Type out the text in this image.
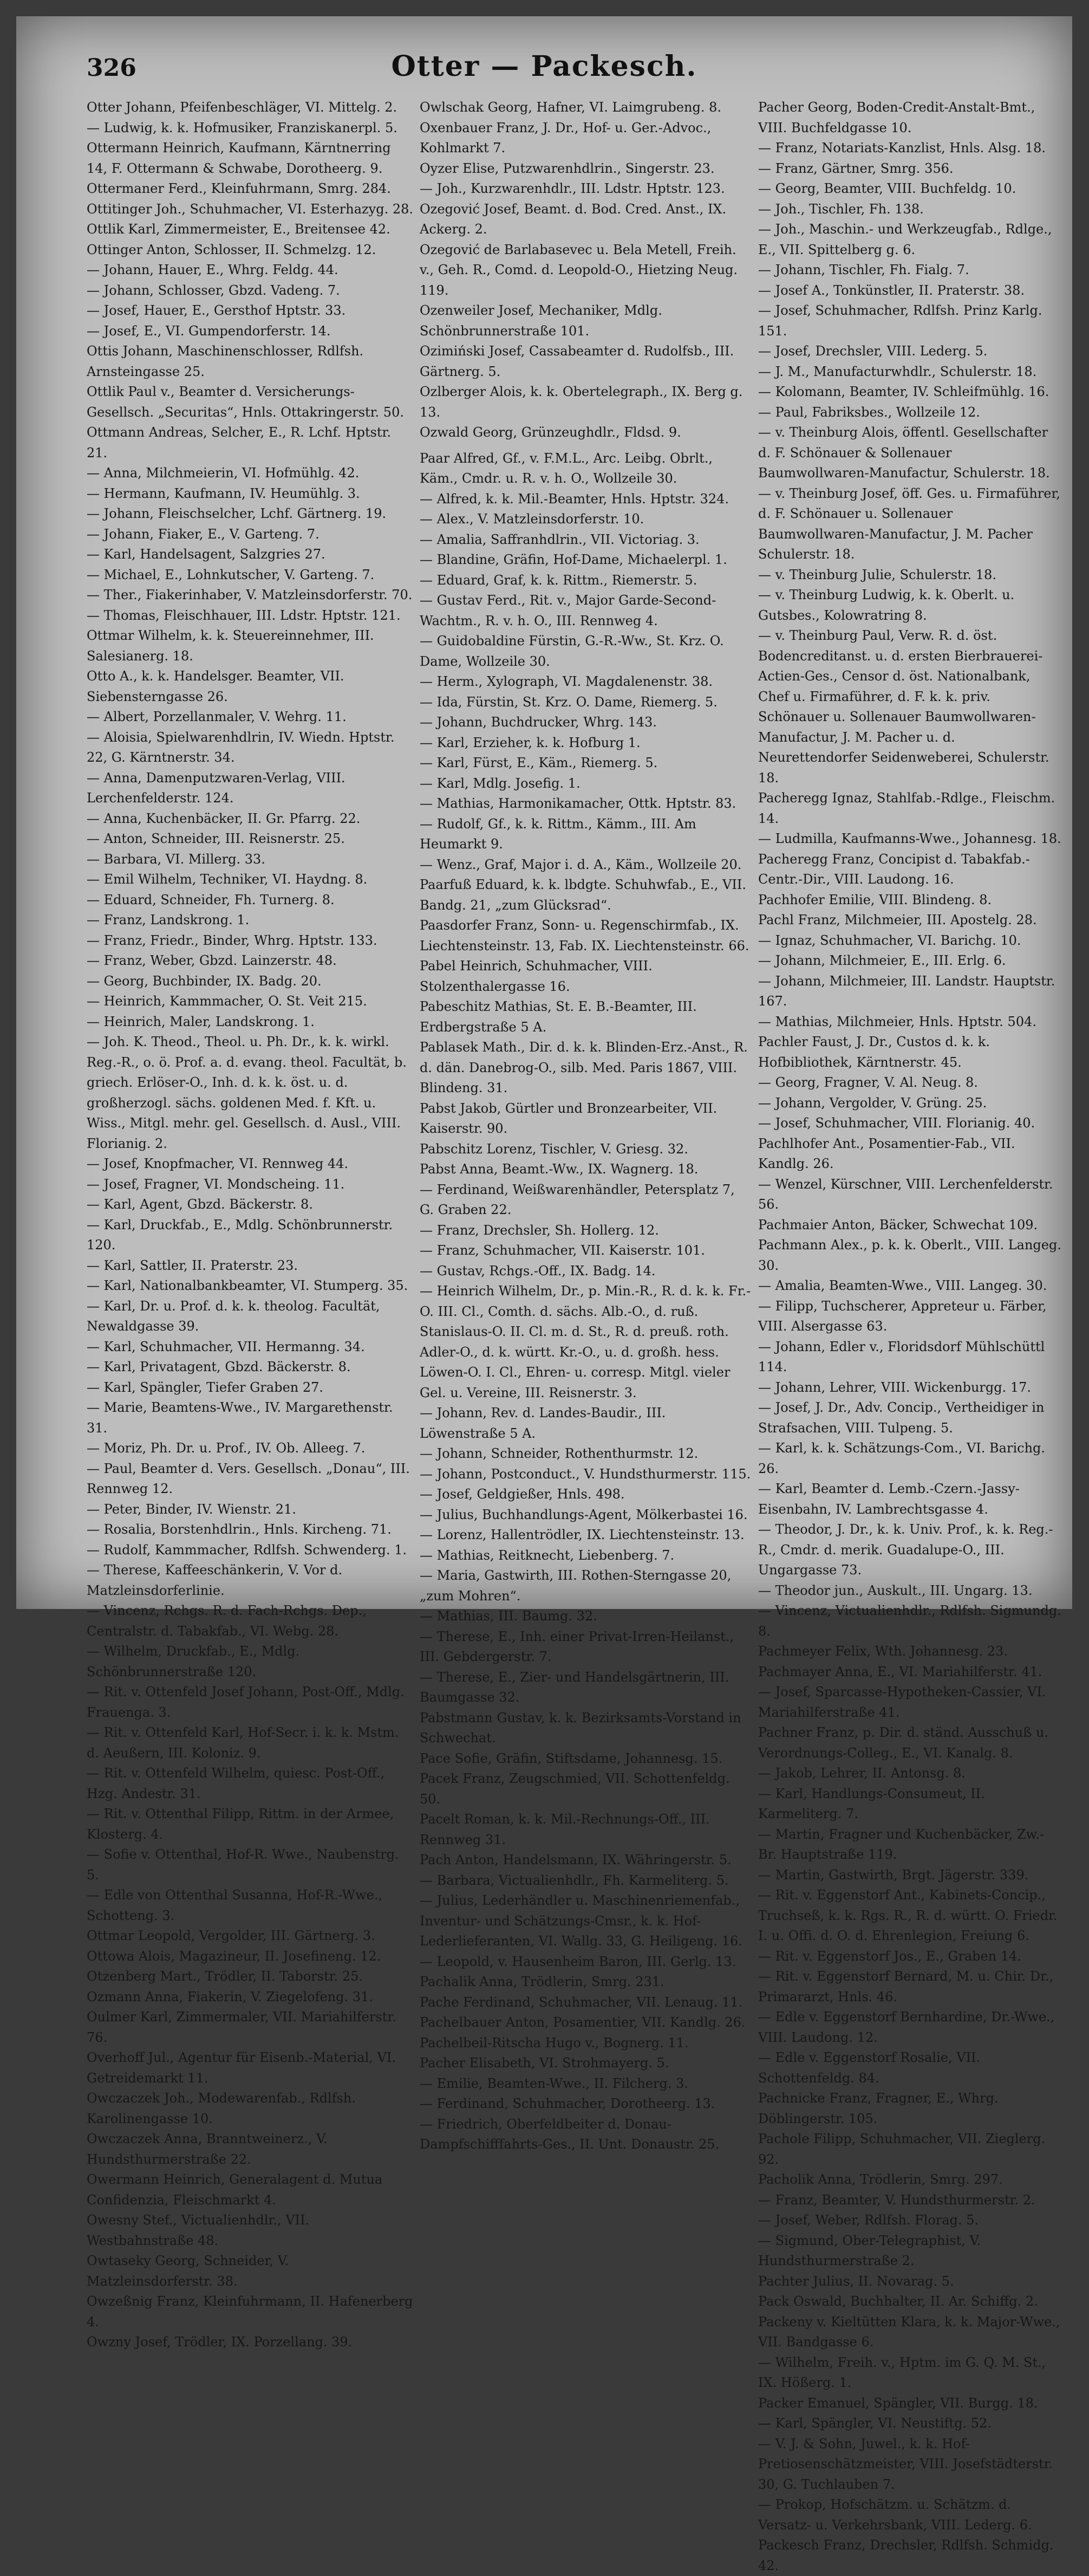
326	Otter — Packesch.
Otter Johann, Pfeifenbeschläger, VI. Mittelg. 2.
— Ludwig, k. k. Hofmusiker, Franziskanerpl. 5.
Ottermann Heinrich, Kaufmann, Kärntnerring 14, F. Ottermann & Schwabe, Dorotheerg. 9.
Ottermaner Ferd., Kleinfuhrmann, Smrg. 284.
Ottitinger Joh., Schuhmacher, VI. Esterhazyg. 28.
Ottlik Karl, Zimmermeister, E., Breitensee 42.
Ottinger Anton, Schlosser, II. Schmelzg. 12.
— Johann, Hauer, E., Whrg. Feldg. 44.
— Johann, Schlosser, Gbzd. Vadeng. 7.
— Josef, Hauer, E., Gersthof Hptstr. 33.
— Josef, E., VI. Gumpendorferstr. 14.
Ottis Johann, Maschinenschlosser, Rdlfsh. Arnsteingasse 25.
Ottlik Paul v., Beamter d. Versicherungs-Gesellsch. „Securitas“, Hnls. Ottakringerstr. 50.
Ottmann Andreas, Selcher, E., R. Lchf. Hptstr. 21.
— Anna, Milchmeierin, VI. Hofmühlg. 42.
— Hermann, Kaufmann, IV. Heumühlg. 3.
— Johann, Fleischselcher, Lchf. Gärtnerg. 19.
— Johann, Fiaker, E., V. Garteng. 7.
— Karl, Handelsagent, Salzgries 27.
— Michael, E., Lohnkutscher, V. Garteng. 7.
— Ther., Fiakerinhaber, V. Matzleinsdorferstr. 70.
— Thomas, Fleischhauer, III. Ldstr. Hptstr. 121.
Ottmar Wilhelm, k. k. Steuereinnehmer, III. Salesianerg. 18.
Otto A., k. k. Handelsger. Beamter, VII. Siebensterngasse 26.
— Albert, Porzellanmaler, V. Wehrg. 11.
— Aloisia, Spielwarenhdlrin, IV. Wiedn. Hptstr. 22, G. Kärntnerstr. 34.
— Anna, Damenputzwaren-Verlag, VIII. Lerchenfelderstr. 124.
— Anna, Kuchenbäcker, II. Gr. Pfarrg. 22.
— Anton, Schneider, III. Reisnerstr. 25.
— Barbara, VI. Millerg. 33.
— Emil Wilhelm, Techniker, VI. Haydng. 8.
— Eduard, Schneider, Fh. Turnerg. 8.
— Franz, Landskrong. 1.
— Franz, Friedr., Binder, Whrg. Hptstr. 133.
— Franz, Weber, Gbzd. Lainzerstr. 48.
— Georg, Buchbinder, IX. Badg. 20.
— Heinrich, Kammmacher, O. St. Veit 215.
— Heinrich, Maler, Landskrong. 1.
— Joh. K. Theod., Theol. u. Ph. Dr., k. k. wirkl. Reg.-R., o. ö. Prof. a. d. evang. theol. Facultät, b. griech. Erlöser-O., Inh. d. k. k. öst. u. d. großherzogl. sächs. goldenen Med. f. Kft. u. Wiss., Mitgl. mehr. gel. Gesellsch. d. Ausl., VIII. Florianig. 2.
— Josef, Knopfmacher, VI. Rennweg 44.
— Josef, Fragner, VI. Mondscheing. 11.
— Karl, Agent, Gbzd. Bäckerstr. 8.
— Karl, Druckfab., E., Mdlg. Schönbrunnerstr. 120.
— Karl, Sattler, II. Praterstr. 23.
— Karl, Nationalbankbeamter, VI. Stumperg. 35.
— Karl, Dr. u. Prof. d. k. k. theolog. Facultät, Newaldgasse 39.
— Karl, Schuhmacher, VII. Hermanng. 34.
— Karl, Privatagent, Gbzd. Bäckerstr. 8.
— Karl, Spängler, Tiefer Graben 27.
— Marie, Beamtens-Wwe., IV. Margarethenstr. 31.
— Moriz, Ph. Dr. u. Prof., IV. Ob. Alleeg. 7.
— Paul, Beamter d. Vers. Gesellsch. „Donau“, III. Rennweg 12.
— Peter, Binder, IV. Wienstr. 21.
— Rosalia, Borstenhdlrin., Hnls. Kircheng. 71.
— Rudolf, Kammmacher, Rdlfsh. Schwenderg. 1.
— Therese, Kaffeeschänkerin, V. Vor d. Matzleinsdorferlinie.
— Vincenz, Rchgs. R. d. Fach-Rchgs. Dep., Centralstr. d. Tabakfab., VI. Webg. 28.
— Wilhelm, Druckfab., E., Mdlg. Schönbrunnerstraße 120.
— Rit. v. Ottenfeld Josef Johann, Post-Off., Mdlg. Frauenga. 3.
— Rit. v. Ottenfeld Karl, Hof-Secr. i. k. k. Mstm. d. Aeußern, III. Koloniz. 9.
— Rit. v. Ottenfeld Wilhelm, quiesc. Post-Off., Hzg. Andestr. 31.
— Rit. v. Ottenthal Filipp, Rittm. in der Armee, Klosterg. 4.
— Sofie v. Ottenthal, Hof-R. Wwe., Naubenstrg. 5.
— Edle von Ottenthal Susanna, Hof-R.-Wwe., Schotteng. 3.
Ottmar Leopold, Vergolder, III. Gärtnerg. 3.
Ottowa Alois, Magazineur, II. Josefineng. 12.
Otzenberg Mart., Trödler, II. Taborstr. 25.
Ozmann Anna, Fiakerin, V. Ziegelofeng. 31.
Oulmer Karl, Zimmermaler, VII. Mariahilferstr. 76.
Overhoff Jul., Agentur für Eisenb.-Material, VI. Getreidemarkt 11.
Owczaczek Joh., Modewarenfab., Rdlfsh. Karolinengasse 10.
Owczaczek Anna, Branntweinerz., V. Hundsthurmerstraße 22.
Owermann Heinrich, Generalagent d. Mutua Confidenzia, Fleischmarkt 4.
Owesny Stef., Victualienhdlr., VII. Westbahnstraße 48.
Owtaseky Georg, Schneider, V. Matzleinsdorferstr. 38.
Owzeßnig Franz, Kleinfuhrmann, II. Hafenerberg 4.
Owzny Josef, Trödler, IX. Porzellang. 39.
Owlschak Georg, Hafner, VI. Laimgrubeng. 8.
Oxenbauer Franz, J. Dr., Hof- u. Ger.-Advoc., Kohlmarkt 7.
Oyzer Elise, Putzwarenhdlrin., Singerstr. 23.
— Joh., Kurzwarenhdlr., III. Ldstr. Hptstr. 123.
Ozegović Josef, Beamt. d. Bod. Cred. Anst., IX. Ackerg. 2.
Ozegović de Barlabasevec u. Bela Metell, Freih. v., Geh. R., Comd. d. Leopold-O., Hietzing Neug. 119.
Ozenweiler Josef, Mechaniker, Mdlg. Schönbrunnerstraße 101.
Ozimiński Josef, Cassabeamter d. Rudolfsb., III. Gärtnerg. 5.
Ozlberger Alois, k. k. Obertelegraph., IX. Berg g. 13.
Ozwald Georg, Grünzeughdlr., Fldsd. 9.
Paar Alfred, Gf., v. F.M.L., Arc. Leibg. Obrlt., Käm., Cmdr. u. R. v. h. O., Wollzeile 30.
— Alfred, k. k. Mil.-Beamter, Hnls. Hptstr. 324.
— Alex., V. Matzleinsdorferstr. 10.
— Amalia, Saffranhdlrin., VII. Victoriag. 3.
— Blandine, Gräfin, Hof-Dame, Michaelerpl. 1.
— Eduard, Graf, k. k. Rittm., Riemerstr. 5.
— Gustav Ferd., Rit. v., Major Garde-Second-Wachtm., R. v. h. O., III. Rennweg 4.
— Guidobaldine Fürstin, G.-R.-Ww., St. Krz. O. Dame, Wollzeile 30.
— Herm., Xylograph, VI. Magdalenenstr. 38.
— Ida, Fürstin, St. Krz. O. Dame, Riemerg. 5.
— Johann, Buchdrucker, Whrg. 143.
— Karl, Erzieher, k. k. Hofburg 1.
— Karl, Fürst, E., Käm., Riemerg. 5.
— Karl, Mdlg. Josefig. 1.
— Mathias, Harmonikamacher, Ottk. Hptstr. 83.
— Rudolf, Gf., k. k. Rittm., Kämm., III. Am Heumarkt 9.
— Wenz., Graf, Major i. d. A., Käm., Wollzeile 20.
Paarfuß Eduard, k. k. lbdgte. Schuhwfab., E., VII. Bandg. 21, „zum Glücksrad“.
Paasdorfer Franz, Sonn- u. Regenschirmfab., IX. Liechtensteinstr. 13, Fab. IX. Liechtensteinstr. 66.
Pabel Heinrich, Schuhmacher, VIII. Stolzenthalergasse 16.
Pabeschitz Mathias, St. E. B.-Beamter, III. Erdbergstraße 5 A.
Pablasek Math., Dir. d. k. k. Blinden-Erz.-Anst., R. d. dän. Danebrog-O., silb. Med. Paris 1867, VIII. Blindeng. 31.
Pabst Jakob, Gürtler und Bronzearbeiter, VII. Kaiserstr. 90.
Pabschitz Lorenz, Tischler, V. Griesg. 32.
Pabst Anna, Beamt.-Ww., IX. Wagnerg. 18.
— Ferdinand, Weißwarenhändler, Petersplatz 7, G. Graben 22.
— Franz, Drechsler, Sh. Hollerg. 12.
— Franz, Schuhmacher, VII. Kaiserstr. 101.
— Gustav, Rchgs.-Off., IX. Badg. 14.
— Heinrich Wilhelm, Dr., p. Min.-R., R. d. k. k. Fr.-O. III. Cl., Comth. d. sächs. Alb.-O., d. ruß. Stanislaus-O. II. Cl. m. d. St., R. d. preuß. roth. Adler-O., d. k. württ. Kr.-O., u. d. großh. hess. Löwen-O. I. Cl., Ehren- u. corresp. Mitgl. vieler Gel. u. Vereine, III. Reisnerstr. 3.
— Johann, Rev. d. Landes-Baudir., III. Löwenstraße 5 A.
— Johann, Schneider, Rothenthurmstr. 12.
— Johann, Postconduct., V. Hundsthurmerstr. 115.
— Josef, Geldgießer, Hnls. 498.
— Julius, Buchhandlungs-Agent, Mölkerbastei 16.
— Lorenz, Hallentrödler, IX. Liechtensteinstr. 13.
— Mathias, Reitknecht, Liebenberg. 7.
— Maria, Gastwirth, III. Rothen-Sterngasse 20, „zum Mohren“.
— Mathias, III. Baumg. 32.
— Therese, E., Inh. einer Privat-Irren-Heilanst., III. Gebdergerstr. 7.
— Therese, E., Zier- und Handelsgärtnerin, III. Baumgasse 32.
Pabstmann Gustav, k. k. Bezirksamts-Vorstand in Schwechat.
Pace Sofie, Gräfin, Stiftsdame, Johannesg. 15.
Pacek Franz, Zeugschmied, VII. Schottenfeldg. 50.
Pacelt Roman, k. k. Mil.-Rechnungs-Off., III. Rennweg 31.
Pach Anton, Handelsmann, IX. Währingerstr. 5.
— Barbara, Victualienhdlr., Fh. Karmeliterg. 5.
— Julius, Lederhändler u. Maschinenriemenfab., Inventur- und Schätzungs-Cmsr., k. k. Hof-Lederlieferanten, VI. Wallg. 33, G. Heiligeng. 16.
— Leopold, v. Hausenheim Baron, III. Gerlg. 13.
Pachalik Anna, Trödlerin, Smrg. 231.
Pache Ferdinand, Schuhmacher, VII. Lenaug. 11.
Pachelbauer Anton, Posamentier, VII. Kandlg. 26.
Pachelbeil-Ritscha Hugo v., Bognerg. 11.
Pacher Elisabeth, VI. Strohmayerg. 5.
— Emilie, Beamten-Wwe., II. Filcherg. 3.
— Ferdinand, Schuhmacher, Dorotheerg. 13.
— Friedrich, Oberfeldbeiter d. Donau-Dampfschifffahrts-Ges., II. Unt. Donaustr. 25.
Pacher Georg, Boden-Credit-Anstalt-Bmt., VIII. Buchfeldgasse 10.
— Franz, Notariats-Kanzlist, Hnls. Alsg. 18.
— Franz, Gärtner, Smrg. 356.
— Georg, Beamter, VIII. Buchfeldg. 10.
— Joh., Tischler, Fh. 138.
— Joh., Maschin.- und Werkzeugfab., Rdlge., E., VII. Spittelberg g. 6.
— Johann, Tischler, Fh. Fialg. 7.
— Josef A., Tonkünstler, II. Praterstr. 38.
— Josef, Schuhmacher, Rdlfsh. Prinz Karlg. 151.
— Josef, Drechsler, VIII. Lederg. 5.
— J. M., Manufacturwhdlr., Schulerstr. 18.
— Kolomann, Beamter, IV. Schleifmühlg. 16.
— Paul, Fabriksbes., Wollzeile 12.
— v. Theinburg Alois, öffentl. Gesellschafter d. F. Schönauer & Sollenauer Baumwollwaren-Manufactur, Schulerstr. 18.
— v. Theinburg Josef, öff. Ges. u. Firmaführer, d. F. Schönauer u. Sollenauer Baumwollwaren-Manufactur, J. M. Pacher Schulerstr. 18.
— v. Theinburg Julie, Schulerstr. 18.
— v. Theinburg Ludwig, k. k. Oberlt. u. Gutsbes., Kolowratring 8.
— v. Theinburg Paul, Verw. R. d. öst. Bodencreditanst. u. d. ersten Bierbrauerei-Actien-Ges., Censor d. öst. Nationalbank, Chef u. Firmaführer, d. F. k. k. priv. Schönauer u. Sollenauer Baumwollwaren-Manufactur, J. M. Pacher u. d. Neurettendorfer Seidenweberei, Schulerstr. 18.
Pacheregg Ignaz, Stahlfab.-Rdlge., Fleischm. 14.
— Ludmilla, Kaufmanns-Wwe., Johannesg. 18.
Pacheregg Franz, Concipist d. Tabakfab.-Centr.-Dir., VIII. Laudong. 16.
Pachhofer Emilie, VIII. Blindeng. 8.
Pachl Franz, Milchmeier, III. Apostelg. 28.
— Ignaz, Schuhmacher, VI. Barichg. 10.
— Johann, Milchmeier, E., III. Erlg. 6.
— Johann, Milchmeier, III. Landstr. Hauptstr. 167.
— Mathias, Milchmeier, Hnls. Hptstr. 504.
Pachler Faust, J. Dr., Custos d. k. k. Hofbibliothek, Kärntnerstr. 45.
— Georg, Fragner, V. Al. Neug. 8.
— Johann, Vergolder, V. Grüng. 25.
— Josef, Schuhmacher, VIII. Florianig. 40.
Pachlhofer Ant., Posamentier-Fab., VII. Kandlg. 26.
— Wenzel, Kürschner, VIII. Lerchenfelderstr. 56.
Pachmaier Anton, Bäcker, Schwechat 109.
Pachmann Alex., p. k. k. Oberlt., VIII. Langeg. 30.
— Amalia, Beamten-Wwe., VIII. Langeg. 30.
— Filipp, Tuchscherer, Appreteur u. Färber, VIII. Alsergasse 63.
— Johann, Edler v., Floridsdorf Mühlschüttl 114.
— Johann, Lehrer, VIII. Wickenburgg. 17.
— Josef, J. Dr., Adv. Concip., Vertheidiger in Strafsachen, VIII. Tulpeng. 5.
— Karl, k. k. Schätzungs-Com., VI. Barichg. 26.
— Karl, Beamter d. Lemb.-Czern.-Jassy-Eisenbahn, IV. Lambrechtsgasse 4.
— Theodor, J. Dr., k. k. Univ. Prof., k. k. Reg.-R., Cmdr. d. merik. Guadalupe-O., III. Ungargasse 73.
— Theodor jun., Auskult., III. Ungarg. 13.
— Vincenz, Victualienhdlr., Rdlfsh. Sigmundg. 8.
Pachmeyer Felix, Wth. Johannesg. 23.
Pachmayer Anna, E., VI. Mariahilferstr. 41.
— Josef, Sparcasse-Hypotheken-Cassier, VI. Mariahilferstraße 41.
Pachner Franz, p. Dir. d. ständ. Ausschuß u. Verordnungs-Colleg., E., VI. Kanalg. 8.
— Jakob, Lehrer, II. Antonsg. 8.
— Karl, Handlungs-Consumeut, II. Karmeliterg. 7.
— Martin, Fragner und Kuchenbäcker, Zw.-Br. Hauptstraße 119.
— Martin, Gastwirth, Brgt. Jägerstr. 339.
— Rit. v. Eggenstorf Ant., Kabinets-Concip., Truchseß, k. k. Rgs. R., R. d. württ. O. Friedr. I. u. Offi. d. O. d. Ehrenlegion, Freiung 6.
— Rit. v. Eggenstorf Jos., E., Graben 14.
— Rit. v. Eggenstorf Bernard, M. u. Chir. Dr., Primararzt, Hnls. 46.
— Edle v. Eggenstorf Bernhardine, Dr.-Wwe., VIII. Laudong. 12.
— Edle v. Eggenstorf Rosalie, VII. Schottenfeldg. 84.
Pachnicke Franz, Fragner, E., Whrg. Döblingerstr. 105.
Pachole Filipp, Schuhmacher, VII. Zieglerg. 92.
Pacholik Anna, Trödlerin, Smrg. 297.
— Franz, Beamter, V. Hundsthurmerstr. 2.
— Josef, Weber, Rdlfsh. Florag. 5.
— Sigmund, Ober-Telegraphist, V. Hundsthurmerstraße 2.
Pachter Julius, II. Novarag. 5.
Pack Oswald, Buchhalter, II. Ar. Schiffg. 2.
Packeny v. Kieltütten Klara, k. k. Major-Wwe., VII. Bandgasse 6.
— Wilhelm, Freih. v., Hptm. im G. Q. M. St., IX. Hößerg. 1.
Packer Emanuel, Spängler, VII. Burgg. 18.
— Karl, Spängler, VI. Neustiftg. 52.
— V. J. & Sohn, Juwel., k. k. Hof-Pretiosenschätzmeister, VIII. Josefstädterstr. 30, G. Tuchlauben 7.
— Prokop, Hofschätzm. u. Schätzm. d. Versatz- u. Verkehrsbank, VIII. Lederg. 6.
Packesch Franz, Drechsler, Rdlfsh. Schmidg. 42.
